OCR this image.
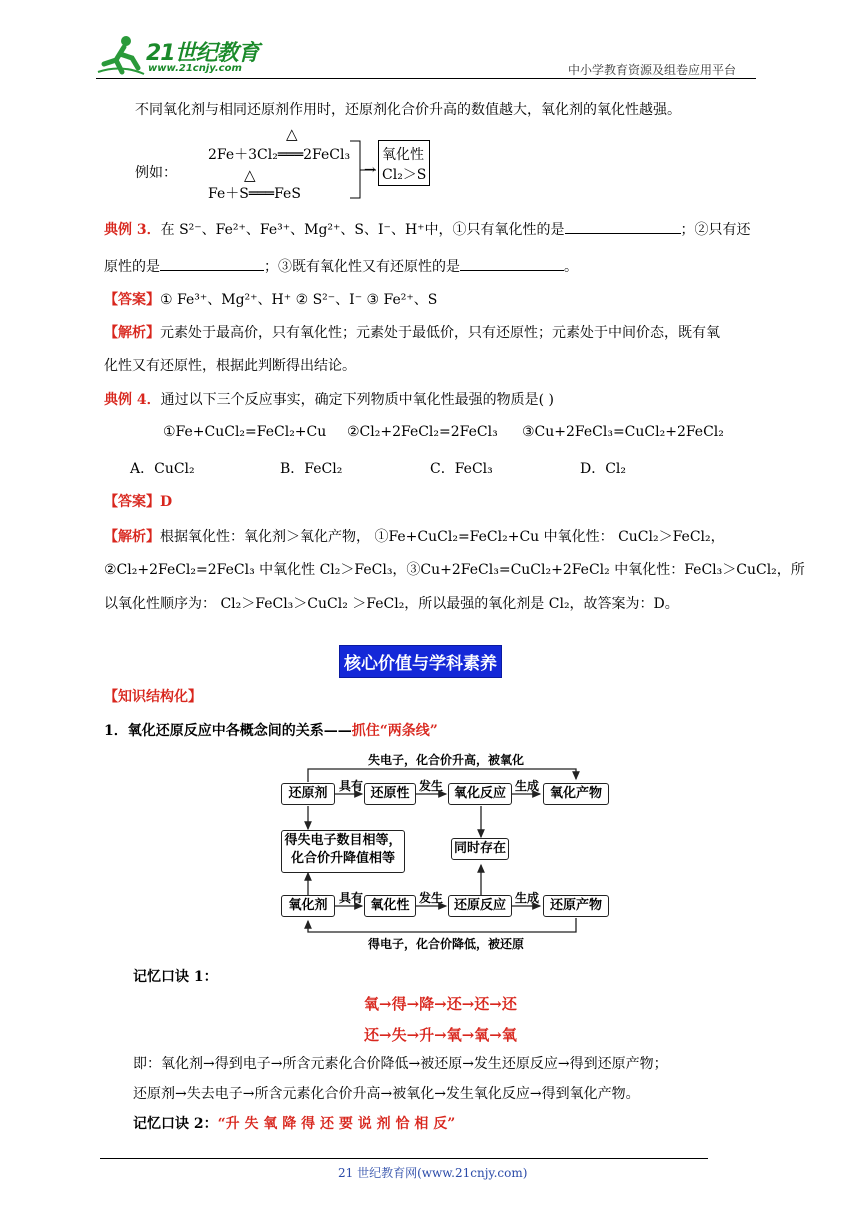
21世纪教育
www.21cnjy.com	中小学教育资源及组卷应用平台
不同氧化剂与相同还原剂作用时，还原剂化合价升高的数值越大，氧化剂的氧化性越强。
△
2Fe＋3Cl₂═══2FeCl₃
例如：	△
Fe＋S═══FeS
→
氧化性
Cl₂＞S
典例 3．在 S²⁻、Fe²⁺、Fe³⁺、Mg²⁺、S、I⁻、H⁺中，①只有氧化性的是	；②只有还
原性的是	；③既有氧化性又有还原性的是	。
【答案】① Fe³⁺、Mg²⁺、H⁺ ② S²⁻、I⁻ ③ Fe²⁺、S
【解析】元素处于最高价，只有氧化性；元素处于最低价，只有还原性；元素处于中间价态，既有氧
化性又有还原性，根据此判断得出结论。
典例 4．通过以下三个反应事实，确定下列物质中氧化性最强的物质是( )
①Fe+CuCl₂=FeCl₂+Cu ②Cl₂+2FeCl₂=2FeCl₃ ③Cu+2FeCl₃=CuCl₂+2FeCl₂
A．CuCl₂	B．FeCl₂	C．FeCl₃	D．Cl₂
【答案】D
【解析】根据氧化性：氧化剂＞氧化产物， ①Fe+CuCl₂=FeCl₂+Cu 中氧化性： CuCl₂＞FeCl₂，
②Cl₂+2FeCl₂=2FeCl₃ 中氧化性 Cl₂＞FeCl₃，③Cu+2FeCl₃=CuCl₂+2FeCl₂ 中氧化性：FeCl₃＞CuCl₂，所
以氧化性顺序为： Cl₂＞FeCl₃＞CuCl₂ ＞FeCl₂，所以最强的氧化剂是 Cl₂，故答案为：D。
核心价值与学科素养
【知识结构化】
1．氧化还原反应中各概念间的关系——抓住“两条线”
失电子，化合价升高，被氧化
还原剂	还原性	氧化反应	氧化产物
具有	发生	生成
得失电子数目相等，
化合价升降值相等
同时存在
氧化剂	氧化性	还原反应	还原产物
具有	发生	生成
得电子，化合价降低，被还原
记忆口诀 1：
氧→得→降→还→还→还
还→失→升→氧→氧→氧
即：氧化剂→得到电子→所含元素化合价降低→被还原→发生还原反应→得到还原产物；
还原剂→失去电子→所含元素化合价升高→被氧化→发生氧化反应→得到氧化产物。
记忆口诀 2：“升 失 氧 降 得 还 要 说 剂 恰 相 反”
21 世纪教育网(www.21cnjy.com)
